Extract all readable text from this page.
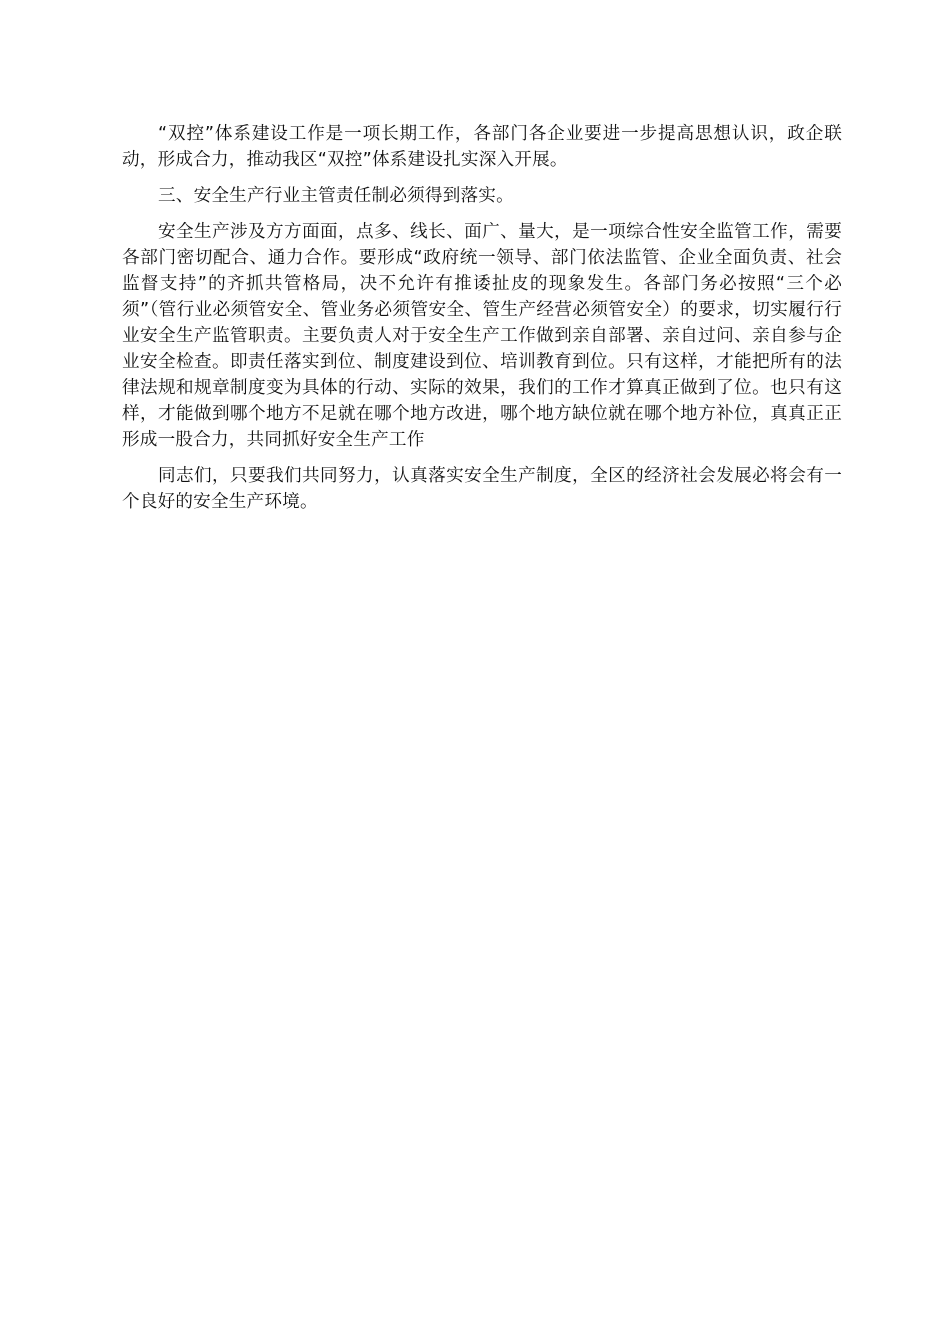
“双控”体系建设工作是一项长期工作，各部门各企业要进一步提高思想认识，政企联动，形成合力，推动我区“双控”体系建设扎实深入开展。

三、安全生产行业主管责任制必须得到落实。

安全生产涉及方方面面，点多、线长、面广、量大，是一项综合性安全监管工作，需要各部门密切配合、通力合作。要形成“政府统一领导、部门依法监管、企业全面负责、社会监督支持”的齐抓共管格局，决不允许有推诿扯皮的现象发生。各部门务必按照“三个必须”（管行业必须管安全、管业务必须管安全、管生产经营必须管安全）的要求，切实履行行业安全生产监管职责。主要负责人对于安全生产工作做到亲自部署、亲自过问、亲自参与企业安全检查。即责任落实到位、制度建设到位、培训教育到位。只有这样，才能把所有的法律法规和规章制度变为具体的行动、实际的效果，我们的工作才算真正做到了位。也只有这样，才能做到哪个地方不足就在哪个地方改进，哪个地方缺位就在哪个地方补位，真真正正形成一股合力，共同抓好安全生产工作

同志们，只要我们共同努力，认真落实安全生产制度，全区的经济社会发展必将会有一个良好的安全生产环境。
